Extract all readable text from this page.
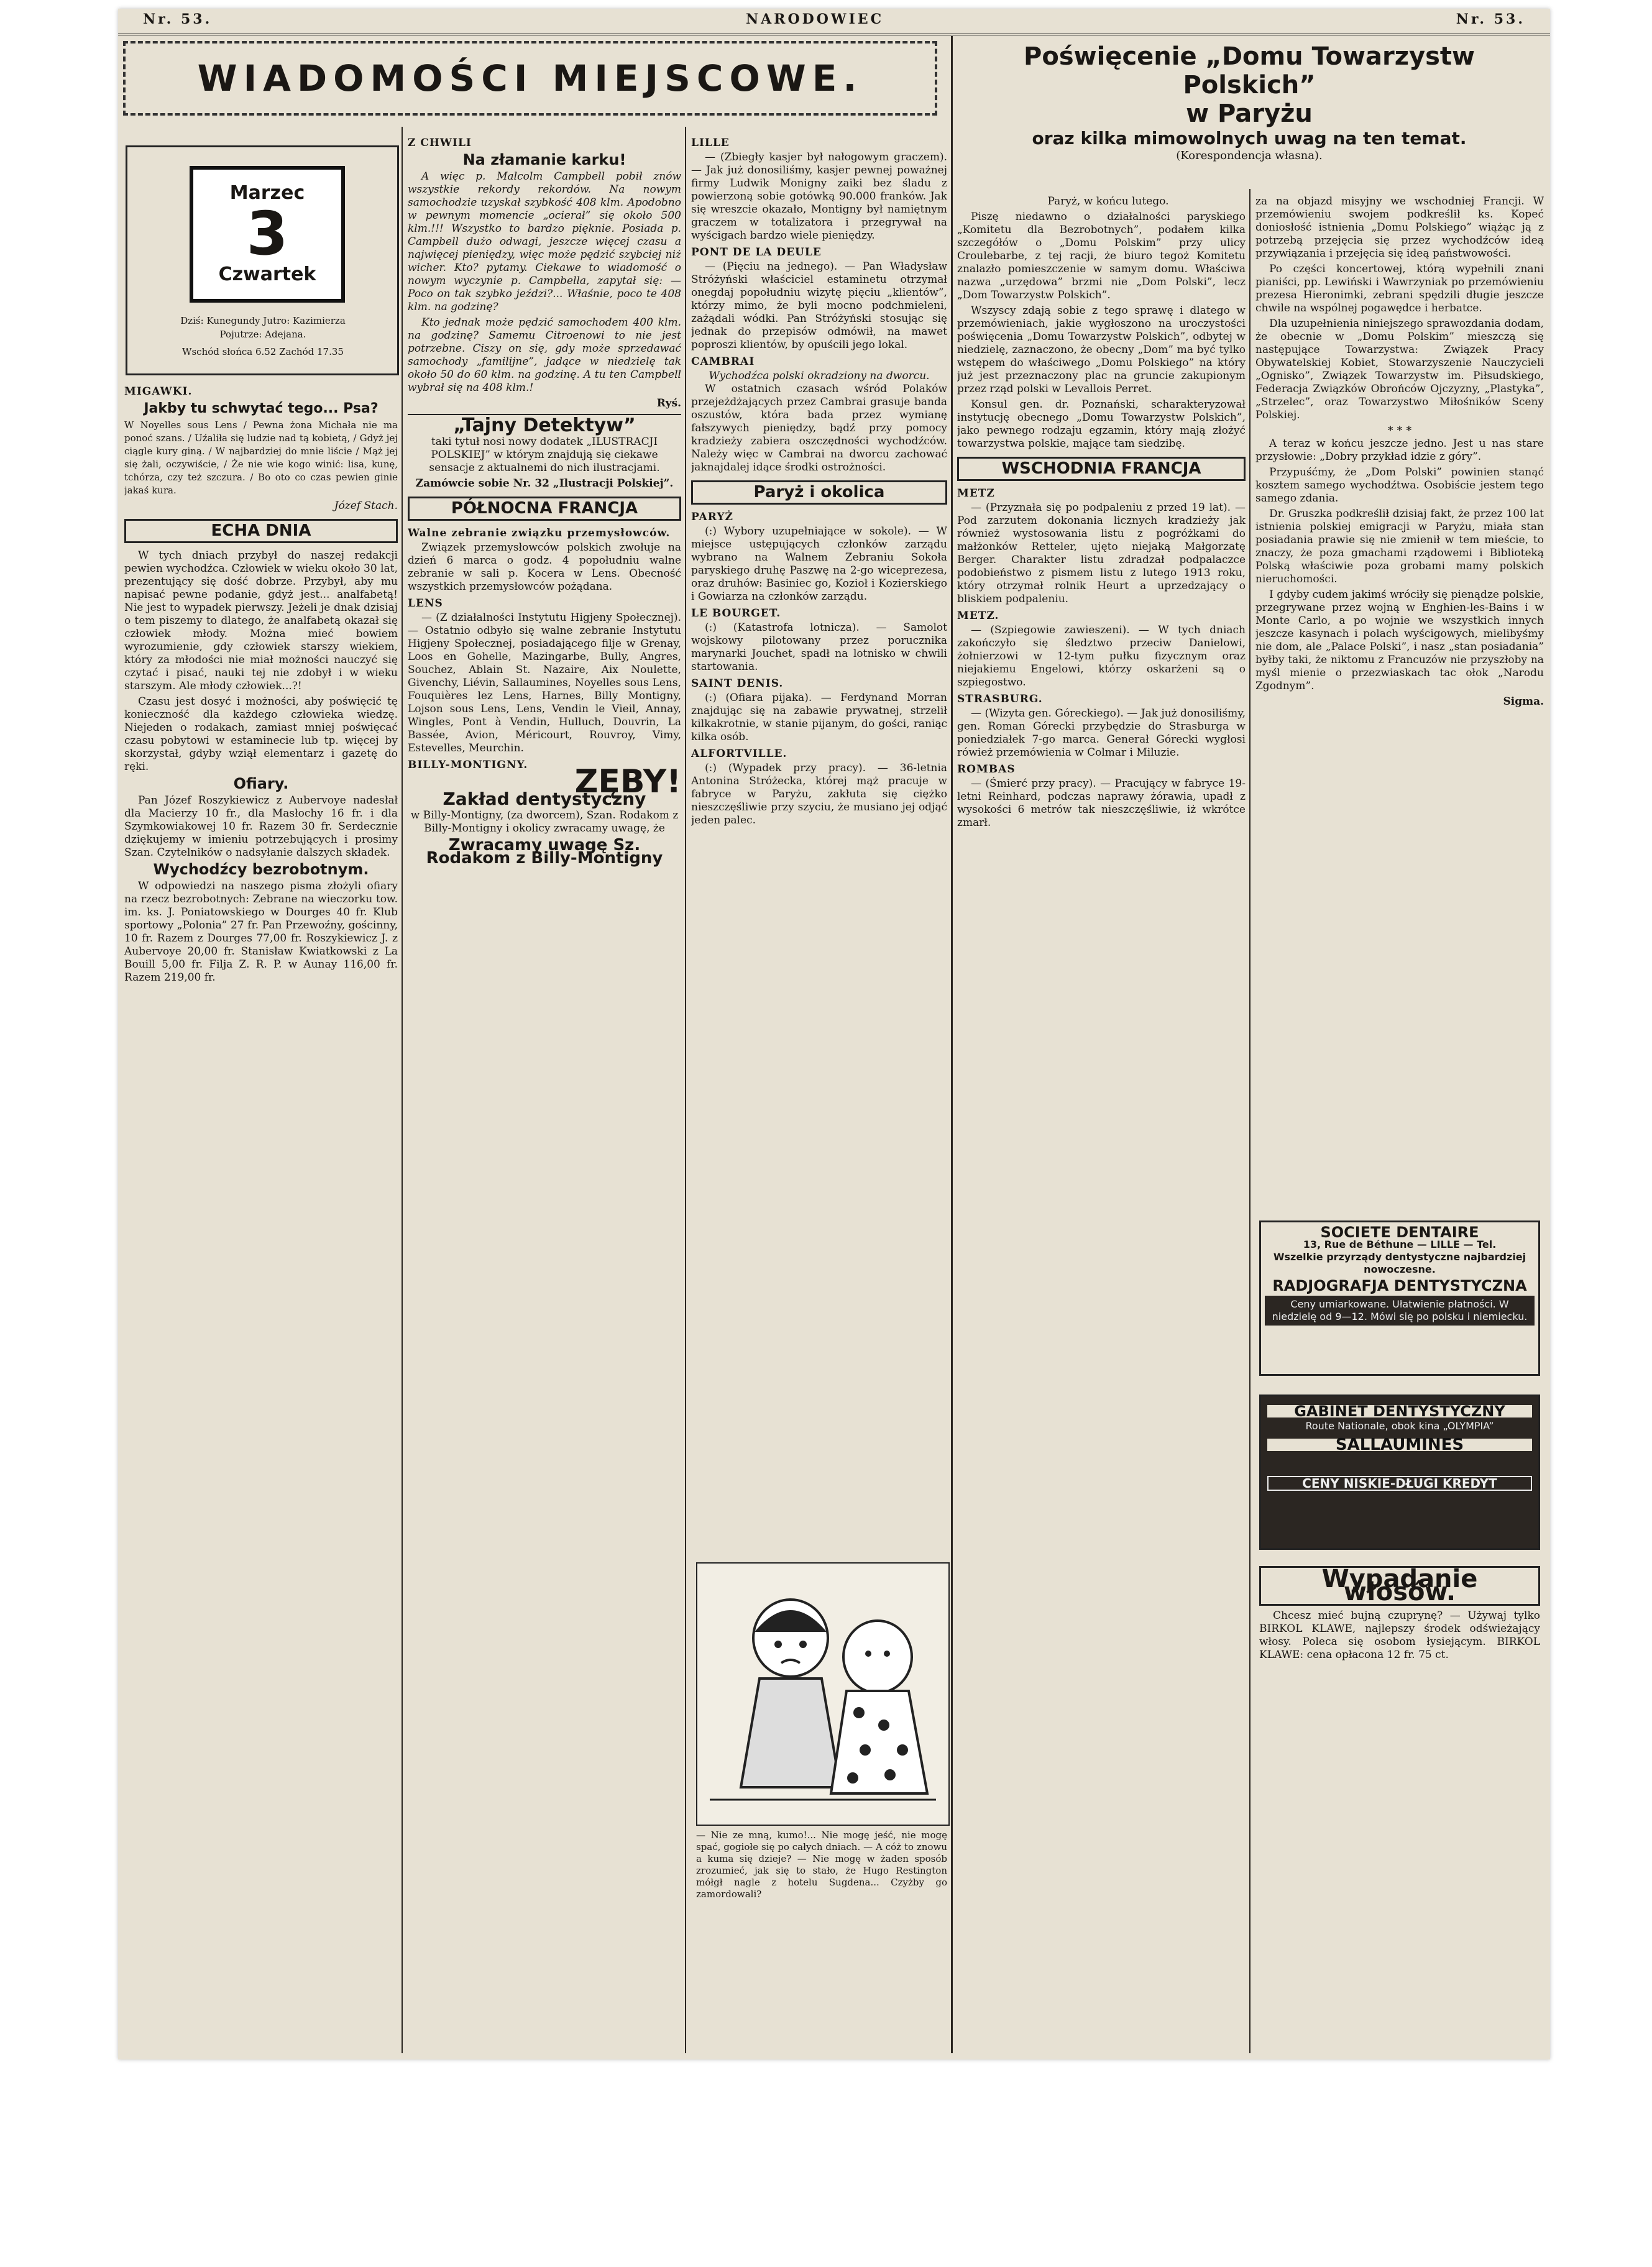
Nr. 53.	NARODOWIEC	Nr. 53.
WIADOMOŚCI MIEJSCOWE.
Marzec
3
Czwartek
Dziś: Kunegundy Jutro: Kazimierza
Pojutrze: Adejana.
Wschód słońca 6.52 Zachód 17.35
MIGAWKI.
Jakby tu schwytać tego... Psa?

W Noyelles sous Lens / Pewna żona Michała nie ma ponoć szans. / Uźaliła się ludzie nad tą kobietą, / Gdyż jej ciągle kury giną. / W najbardziej do mnie liście / Mąż jej się żali, oczywiście, / Że nie wie kogo winić: lisa, kunę, tchórza, czy też szczura. / Bo oto co czas pewien ginie jakaś kura.

Józef Stach.

ECHA DNIA

W tych dniach przybył do naszej redakcji pewien wychodźca. Człowiek w wieku około 30 lat, prezentujący się dość dobrze. Przybył, aby mu napisać pewne podanie, gdyż jest... analfabetą! Nie jest to wypadek pierwszy. Jeżeli je dnak dzisiaj o tem piszemy to dlatego, że analfabetą okazał się człowiek młody. Można mieć bowiem wyrozumienie, gdy człowiek starszy wiekiem, który za młodości nie miał możności nauczyć się czytać i pisać, nauki tej nie zdobył i w wieku starszym. Ale młody człowiek...?!

Czasu jest dosyć i możności, aby poświęcić tę konieczność dla każdego człowieka wiedzę. Niejeden o rodakach, zamiast mniej poświęcać czasu pobytowi w estaminecie lub tp. więcej by skorzystał, gdyby wziął elementarz i gazetę do ręki.

Ofiary.

Pan Józef Roszykiewicz z Aubervoye nadesłał dla Macierzy 10 fr., dla Masłochy 16 fr. i dla Szymkowiakowej 10 fr. Razem 30 fr. Serdecznie dziękujemy w imieniu potrzebujących i prosimy Szan. Czytelników o nadsyłanie dalszych składek.

Wychodźcy bezrobotnym.

W odpowiedzi na naszego pisma złożyli ofiary na rzecz bezrobotnych: Zebrane na wieczorku tow. im. ks. J. Poniatowskiego w Dourges 40 fr. Klub sportowy „Polonia” 27 fr. Pan Przewoźny, gościnny, 10 fr. Razem z Dourges 77,00 fr. Roszykiewicz J. z Aubervoye 20,00 fr. Stanisław Kwiatkowski z La Bouill 5,00 fr. Filja Z. R. P. w Aunay 116,00 fr. Razem 219,00 fr.

Z CHWILI
Na złamanie karku!

A więc p. Malcolm Campbell pobił znów wszystkie rekordy rekordów. Na nowym samochodzie uzyskał szybkość 408 klm. Apodobno w pewnym momencie „ocierał” się około 500 klm.!!! Wszystko to bardzo pięknie. Posiada p. Campbell dużo odwagi, jeszcze więcej czasu a najwięcej pieniędzy, więc może pędzić szybciej niż wicher. Kto? pytamy. Ciekawe to wiadomość o nowym wyczynie p. Campbella, zapytał się: — Poco on tak szybko jeździ?... Właśnie, poco te 408 klm. na godzinę?

Kto jednak może pędzić samochodem 400 klm. na godzinę? Samemu Citroenowi to nie jest potrzebne. Ciszy on się, gdy może sprzedawać samochody „familijne”, jadące w niedzielę tak około 50 do 60 klm. na godzinę. A tu ten Campbell wybrał się na 408 klm.!

Ryś.

„Tajny Detektyw”

taki tytuł nosi nowy dodatek „ILUSTRACJI POLSKIEJ” w którym znajdują się ciekawe sensacje z aktualnemi do nich ilustracjami.

Zamówcie sobie Nr. 32 „Ilustracji Polskiej”.

PÓŁNOCNA FRANCJA
Walne zebranie związku przemysłowców.

Związek przemysłowców polskich zwołuje na dzień 6 marca o godz. 4 popołudniu walne zebranie w sali p. Kocera w Lens. Obecność wszystkich przemysłowców pożądana.

LENS

— (Z działalności Instytutu Higjeny Społecznej). — Ostatnio odbyło się walne zebranie Instytutu Higjeny Społecznej, posiadającego filje w Grenay, Loos en Gohelle, Mazingarbe, Bully, Angres, Souchez, Ablain St. Nazaire, Aix Noulette, Givenchy, Liévin, Sallaumines, Noyelles sous Lens, Fouquières lez Lens, Harnes, Billy Montigny, Lojson sous Lens, Lens, Vendin le Vieil, Annay, Wingles, Pont à Vendin, Hulluch, Douvrin, La Bassée, Avion, Méricourt, Rouvroy, Vimy, Estevelles, Meurchin.

BILLY-MONTIGNY.	ZĘBY!
Zakład dentystyczny

w Billy-Montigny, (za dworcem), Szan. Rodakom z Billy-Montigny i okolicy zwracamy uwagę, że

Zwracamy uwagę Sz. Rodakom z Billy-Montigny
LILLE

— (Zbiegły kasjer był nałogowym graczem). — Jak już donosiliśmy, kasjer pewnej poważnej firmy Ludwik Monigny zaiki bez śladu z powierzoną sobie gotówką 90.000 franków. Jak się wreszcie okazało, Montigny był namiętnym graczem w totalizatora i przegrywał na wyścigach bardzo wiele pieniędzy.

PONT DE LA DEULE

— (Pięciu na jednego). — Pan Władysław Stróżyński właściciel estaminetu otrzymał onegdaj popołudniu wizytę pięciu „klientów”, którzy mimo, że byli mocno podchmieleni, zażądali wódki. Pan Stróżyński stosując się jednak do przepisów odmówił, na mawet poproszi klientów, by opuścili jego lokal.

CAMBRAI
Wychodźca polski okradziony na dworcu.

W ostatnich czasach wśród Polaków przejeżdżających przez Cambrai grasuje banda oszustów, która bada przez wymianę fałszywych pieniędzy, bądź przy pomocy kradzieży zabiera oszczędności wychodźców. Należy więc w Cambrai na dworcu zachować jaknajdalej idące środki ostrożności.

Paryż i okolica
PARYŻ

(:) Wybory uzupełniające w sokole). — W miejsce ustępujących członków zarządu wybrano na Walnem Zebraniu Sokoła paryskiego druhę Paszwę na 2-go wiceprezesa, oraz druhów: Basiniec go, Kozioł i Kozierskiego i Gowiarza na członków zarządu.

LE BOURGET.

(:) (Katastrofa lotnicza). — Samolot wojskowy pilotowany przez porucznika marynarki Jouchet, spadł na lotnisko w chwili startowania.

SAINT DENIS.

(:) (Ofiara pijaka). — Ferdynand Morran znajdując się na zabawie prywatnej, strzelił kilkakrotnie, w stanie pijanym, do gości, raniąc kilka osób.

ALFORTVILLE.

(:) (Wypadek przy pracy). — 36-letnia Antonina Stróżecka, której mąż pracuje w fabryce w Paryżu, zakłuta się ciężko nieszczęśliwie przy szyciu, że musiano jej odjąć jeden palec.

— Nie ze mną, kumo!... Nie mogę jeść, nie mogę spać, gogiołe się po całych dniach. — A cóż to znowu a kuma się dzieje? — Nie mogę w żaden sposób zrozumieć, jak się to stało, że Hugo Restington mółgł nagle z hotelu Sugdena... Czyżby go zamordowali?

Poświęcenie „Domu Towarzystw Polskich”
w Paryżu
oraz kilka mimowolnych uwag na ten temat.
(Korespondencja własna).

Paryż, w końcu lutego.

Piszę niedawno o działalności paryskiego „Komitetu dla Bezrobotnych”, podałem kilka szczegółów o „Domu Polskim” przy ulicy Croulebarbe, z tej racji, że biuro tegoż Komitetu znalazło pomieszczenie w samym domu. Właściwa nazwa „urzędowa” brzmi nie „Dom Polski”, lecz „Dom Towarzystw Polskich”.

Wszyscy zdają sobie z tego sprawę i dlatego w przemówieniach, jakie wygłoszono na uroczystości poświęcenia „Domu Towarzystw Polskich”, odbytej w niedzielę, zaznaczono, że obecny „Dom” ma być tylko wstępem do właściwego „Domu Polskiego” na który już jest przeznaczony plac na gruncie zakupionym przez rząd polski w Levallois Perret.

Konsul gen. dr. Poznański, scharakteryzował instytucję obecnego „Domu Towarzystw Polskich”, jako pewnego rodzaju egzamin, który mają złożyć towarzystwa polskie, mające tam siedzibę.

WSCHODNIA FRANCJA
METZ

— (Przyznała się po podpaleniu z przed 19 lat). — Pod zarzutem dokonania licznych kradzieży jak również wystosowania listu z pogróżkami do małżonków Retteler, ujęto niejaką Małgorzatę Berger. Charakter listu zdradzał podpalaczce podobieństwo z pismem listu z lutego 1913 roku, który otrzymał rolnik Heurt a uprzedzający o bliskiem podpaleniu.

METZ.

— (Szpiegowie zawieszeni). — W tych dniach zakończyło się śledztwo przeciw Danielowi, żołnierzowi w 12-tym pułku fizycznym oraz niejakiemu Engelowi, którzy oskarżeni są o szpiegostwo.

STRASBURG.

— (Wizyta gen. Góreckiego). — Jak już donosiliśmy, gen. Roman Górecki przybędzie do Strasburga w poniedziałek 7-go marca. Generał Górecki wygłosi rówież przemówienia w Colmar i Miluzie.

ROMBAS

— (Śmierć przy pracy). — Pracujący w fabryce 19-letni Reinhard, podczas naprawy żórawia, upadł z wysokości 6 metrów tak nieszczęśliwie, iż wkrótce zmarł.

za na objazd misyjny we wschodniej Francji. W przemówieniu swojem podkreślił ks. Kopeć doniosłość istnienia „Domu Polskiego” wiążąc ją z potrzebą przejęcia się przez wychodźców ideą przywiązania i przejęcia się ideą państwowości.

Po części koncertowej, którą wypełnili znani pianiści, pp. Lewiński i Wawrzyniak po przemówieniu prezesa Hieronimki, zebrani spędzili długie jeszcze chwile na wspólnej pogawędce i herbatce.

Dla uzupełnienia niniejszego sprawozdania dodam, że obecnie w „Domu Polskim” mieszczą się następujące Towarzystwa: Związek Pracy Obywatelskiej Kobiet, Stowarzyszenie Nauczycieli „Ognisko”, Związek Towarzystw im. Piłsudskiego, Federacja Związków Obrońców Ojczyzny, „Plastyka”, „Strzelec”, oraz Towarzystwo Miłośników Sceny Polskiej.

* * *

A teraz w końcu jeszcze jedno. Jest u nas stare przysłowie: „Dobry przykład idzie z góry”.

Przypuśćmy, że „Dom Polski” powinien stanąć kosztem samego wychodźtwa. Osobiście jestem tego samego zdania.

Dr. Gruszka podkreślił dzisiaj fakt, że przez 100 lat istnienia polskiej emigracji w Paryżu, miała stan posiadania prawie się nie zmienił w tem mieście, to znaczy, że poza gmachami rządowemi i Biblioteką Polską właściwie poza grobami mamy polskich nieruchomości.

I gdyby cudem jakimś wróciły się pienądze polskie, przegrywane przez wojną w Enghien-les-Bains i w Monte Carlo, a po wojnie we wszystkich innych jeszcze kasynach i polach wyścigowych, mielibyśmy nie dom, ale „Palace Polski”, i nasz „stan posiadania” byłby taki, że niktomu z Francuzów nie przyszłoby na myśl mienie o przezwiaskach tac ołok „Narodu Zgodnym”.

Sigma.

SOCIETE DENTAIRE
13, Rue de Béthune — LILLE — Tel.
Wszelkie przyrządy dentystyczne najbardziej nowoczesne.
RADJOGRAFJA DENTYSTYCZNA
Ceny umiarkowane. Ułatwienie płatności. W niedzielę od 9—12. Mówi się po polsku i niemiecku.
GABINET DENTYSTYCZNY
Route Nationale, obok kina „OLYMPIA”
SALLAUMINES
CENY NISKIE-DŁUGI KREDYT
Wypadanie włosów.

Chcesz mieć bujną czuprynę? — Używaj tylko BIRKOL KLAWE, najlepszy środek odświeżający włosy. Poleca się osobom łysiejącym. BIRKOL KLAWE: cena opłacona 12 fr. 75 ct.
